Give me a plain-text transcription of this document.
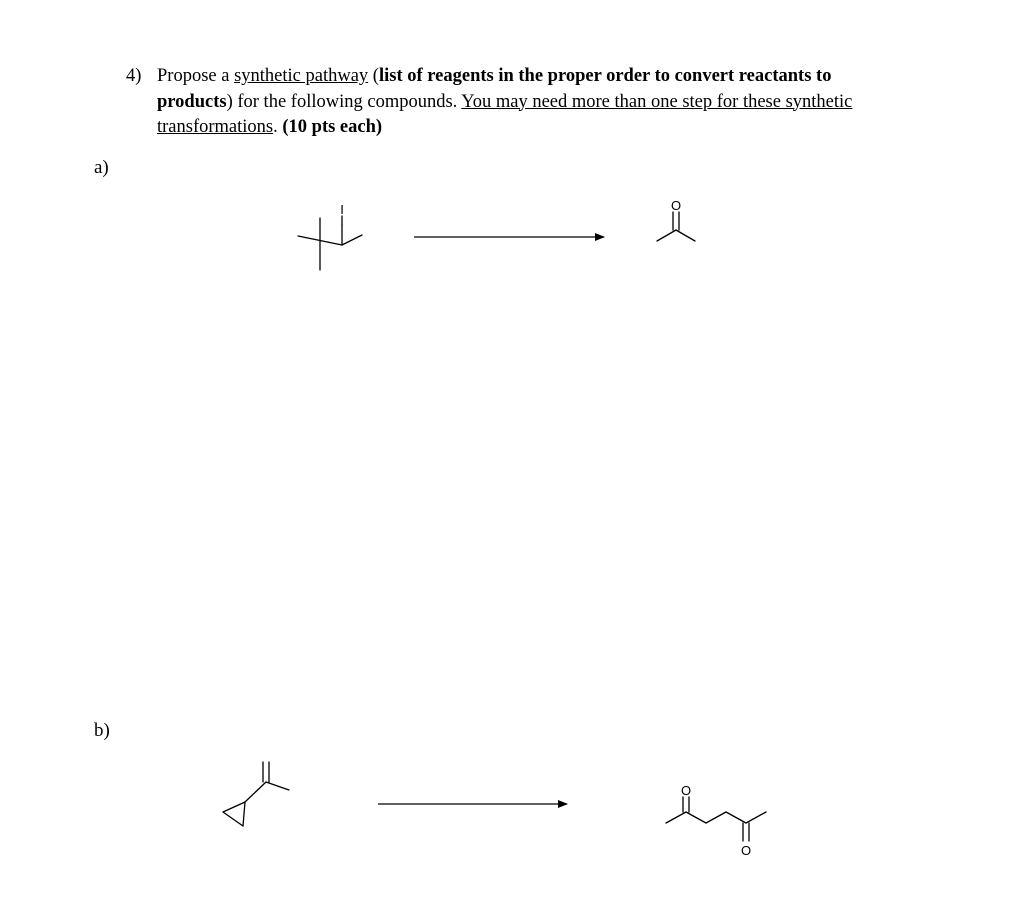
4) Propose a synthetic pathway (list of reagents in the proper order to convert reactants to products) for the following compounds. You may need more than one step for these synthetic transformations. (10 pts each)
a)
b)
I	O
O
O
